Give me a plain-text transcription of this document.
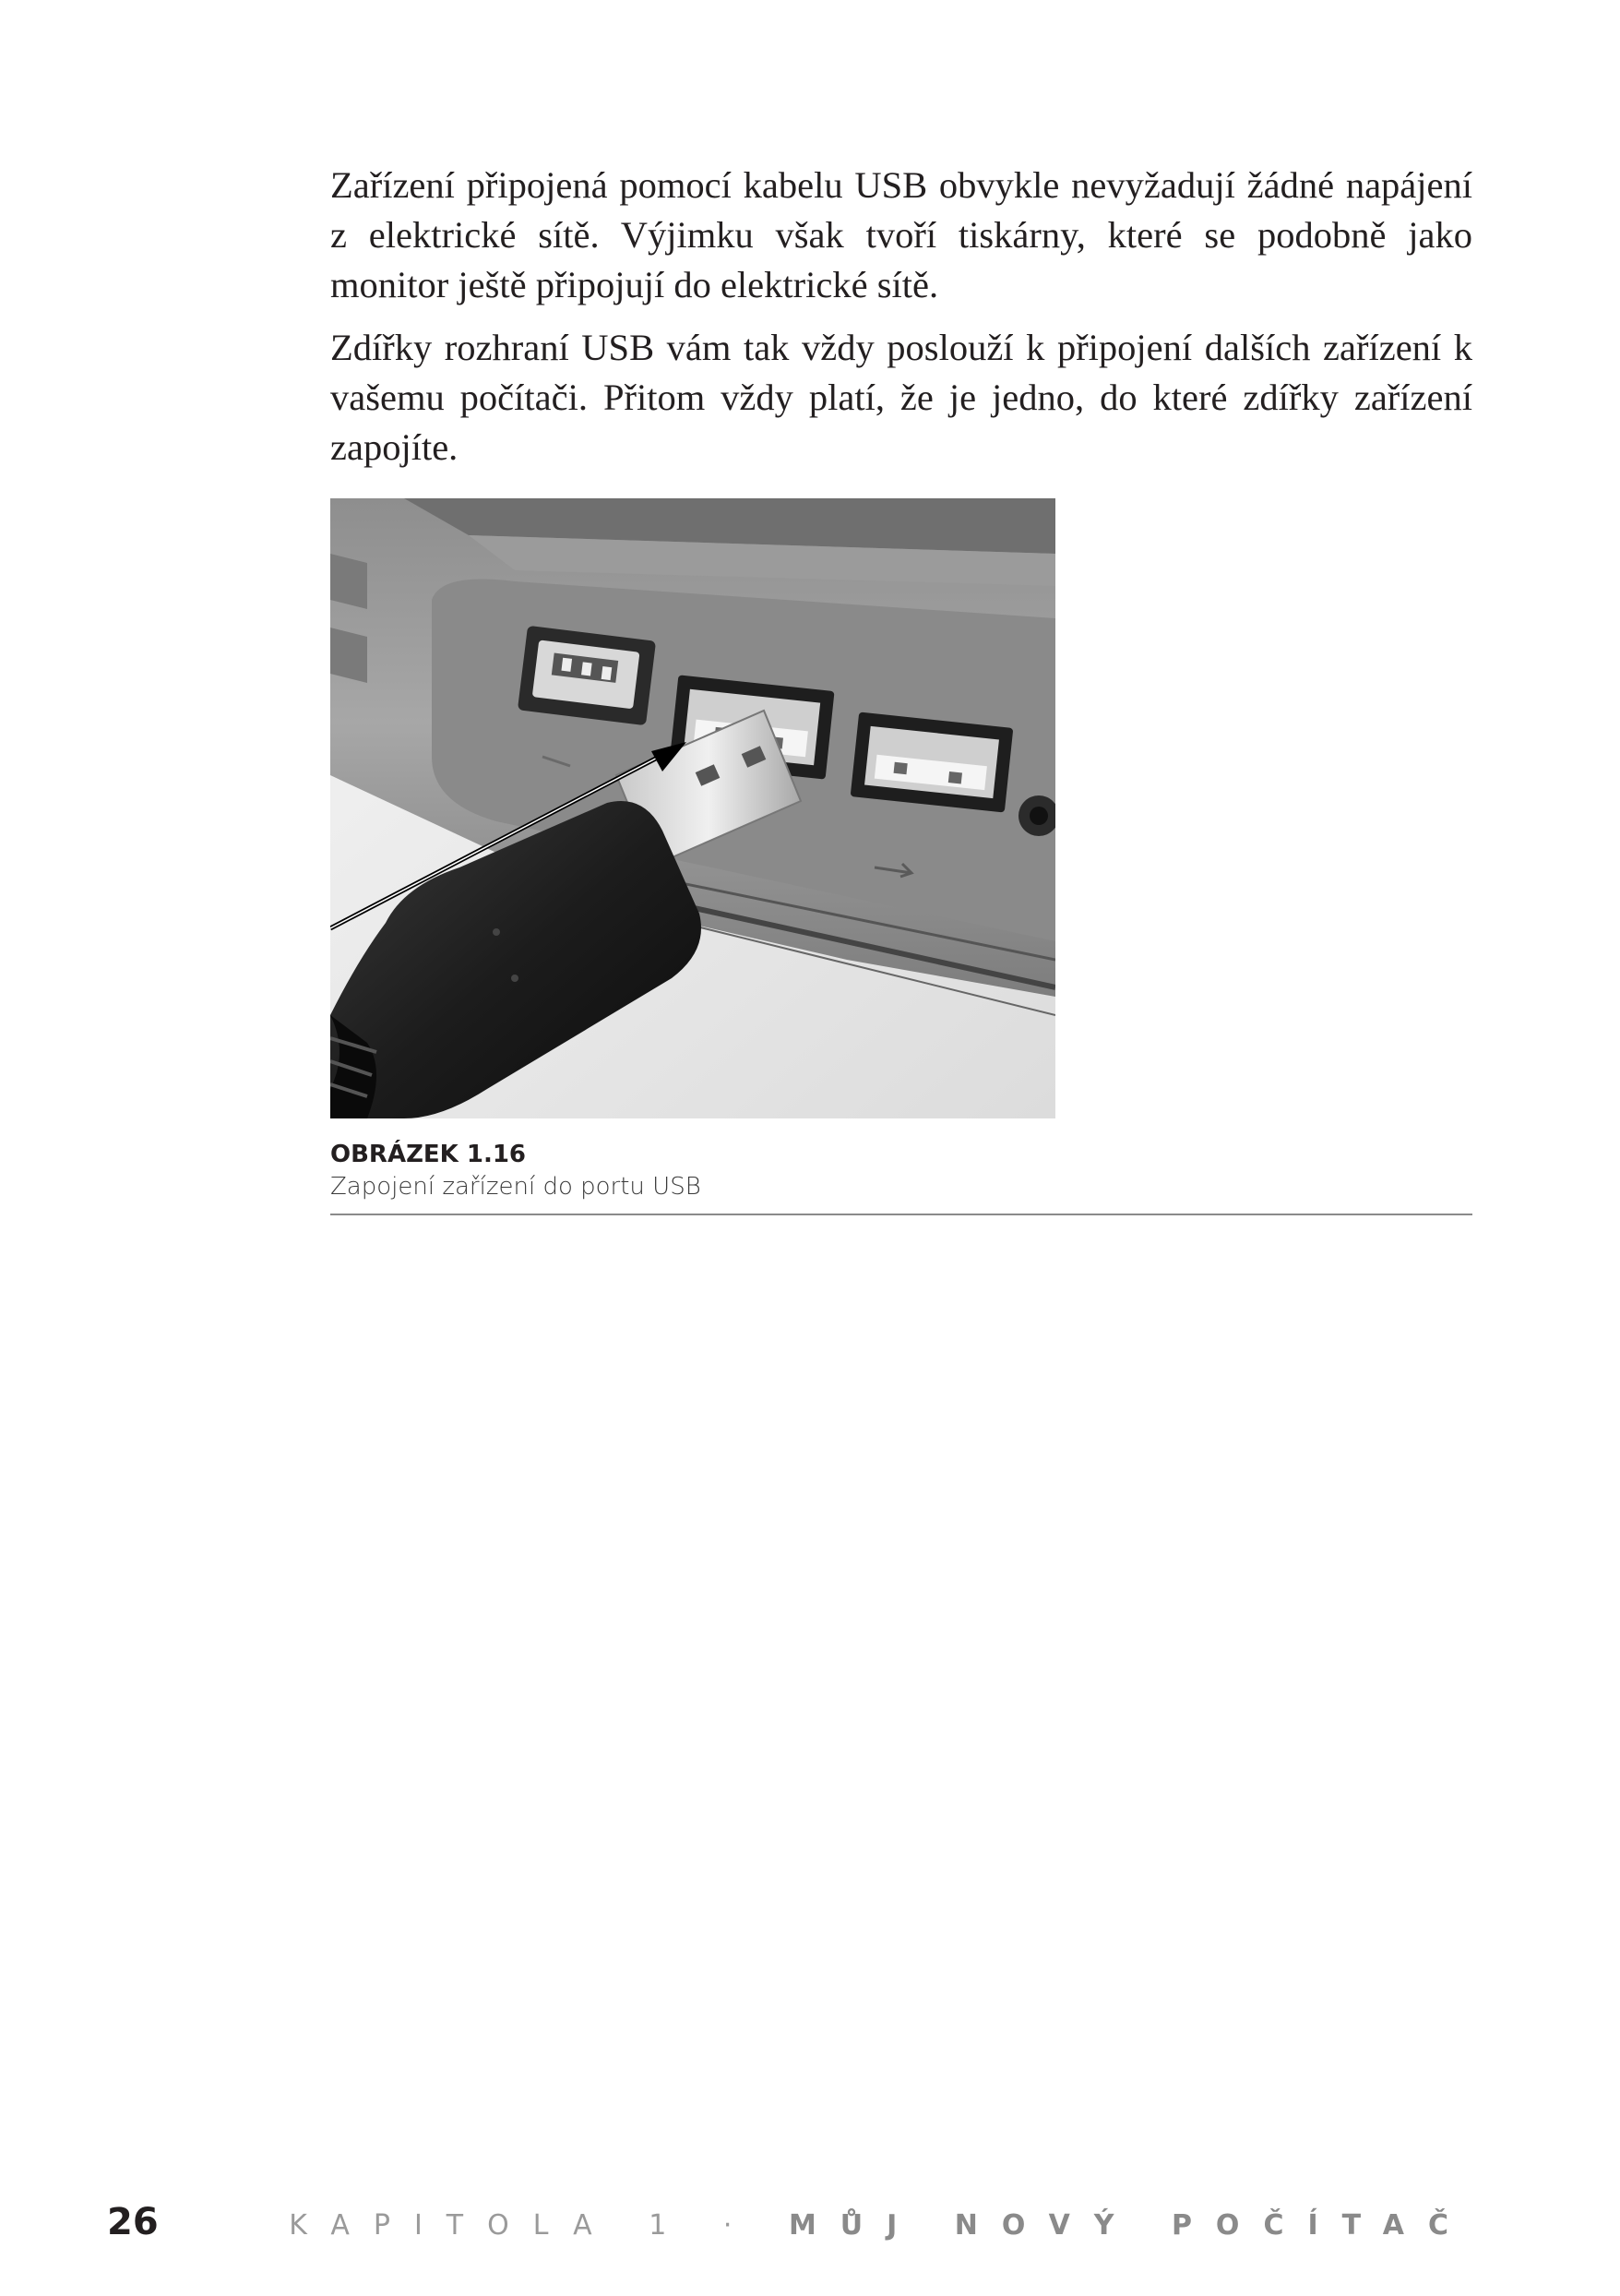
Zařízení připojená pomocí kabelu USB obvykle nevyžadují žádné napájení z elektrické sítě. Výjimku však tvoří tiskárny, které se podobně jako monitor ještě připojují do elektrické sítě.

Zdířky rozhraní USB vám tak vždy poslouží k připojení dalších zařízení k vašemu počítači. Přitom vždy platí, že je jedno, do které zdířky zařízení zapojíte.

OBRÁZEK 1.16
Zapojení zařízení do portu USB
26	KAPITOLA 1 · MŮJ NOVÝ POČÍTAČ
